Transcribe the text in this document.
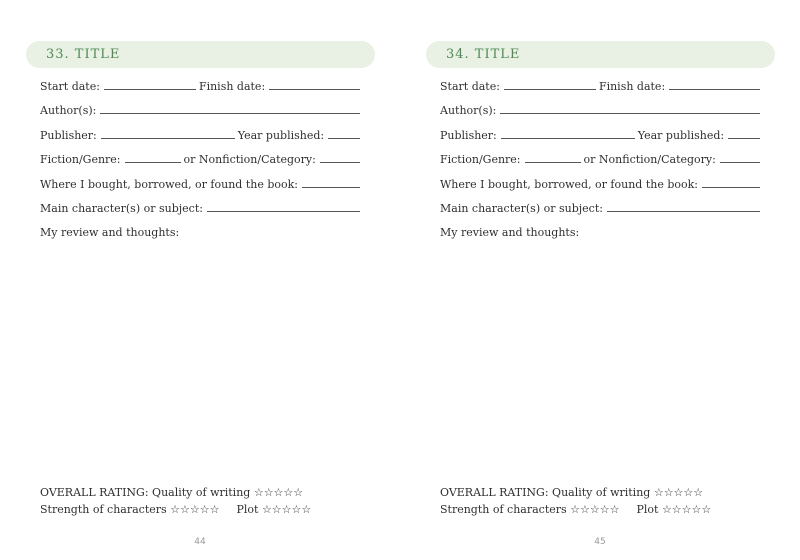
33. TITLE
Start date:	Finish date:
Author(s):
Publisher:	Year published:
Fiction/Genre:	or Nonfiction/Category:
Where I bought, borrowed, or found the book:
Main character(s) or subject:
My review and thoughts:
OVERALL RATING: Quality of writing ☆☆☆☆☆
Strength of characters ☆☆☆☆☆ Plot ☆☆☆☆☆
44
34. TITLE
Start date:	Finish date:
Author(s):
Publisher:	Year published:
Fiction/Genre:	or Nonfiction/Category:
Where I bought, borrowed, or found the book:
Main character(s) or subject:
My review and thoughts:
OVERALL RATING: Quality of writing ☆☆☆☆☆
Strength of characters ☆☆☆☆☆ Plot ☆☆☆☆☆
45
